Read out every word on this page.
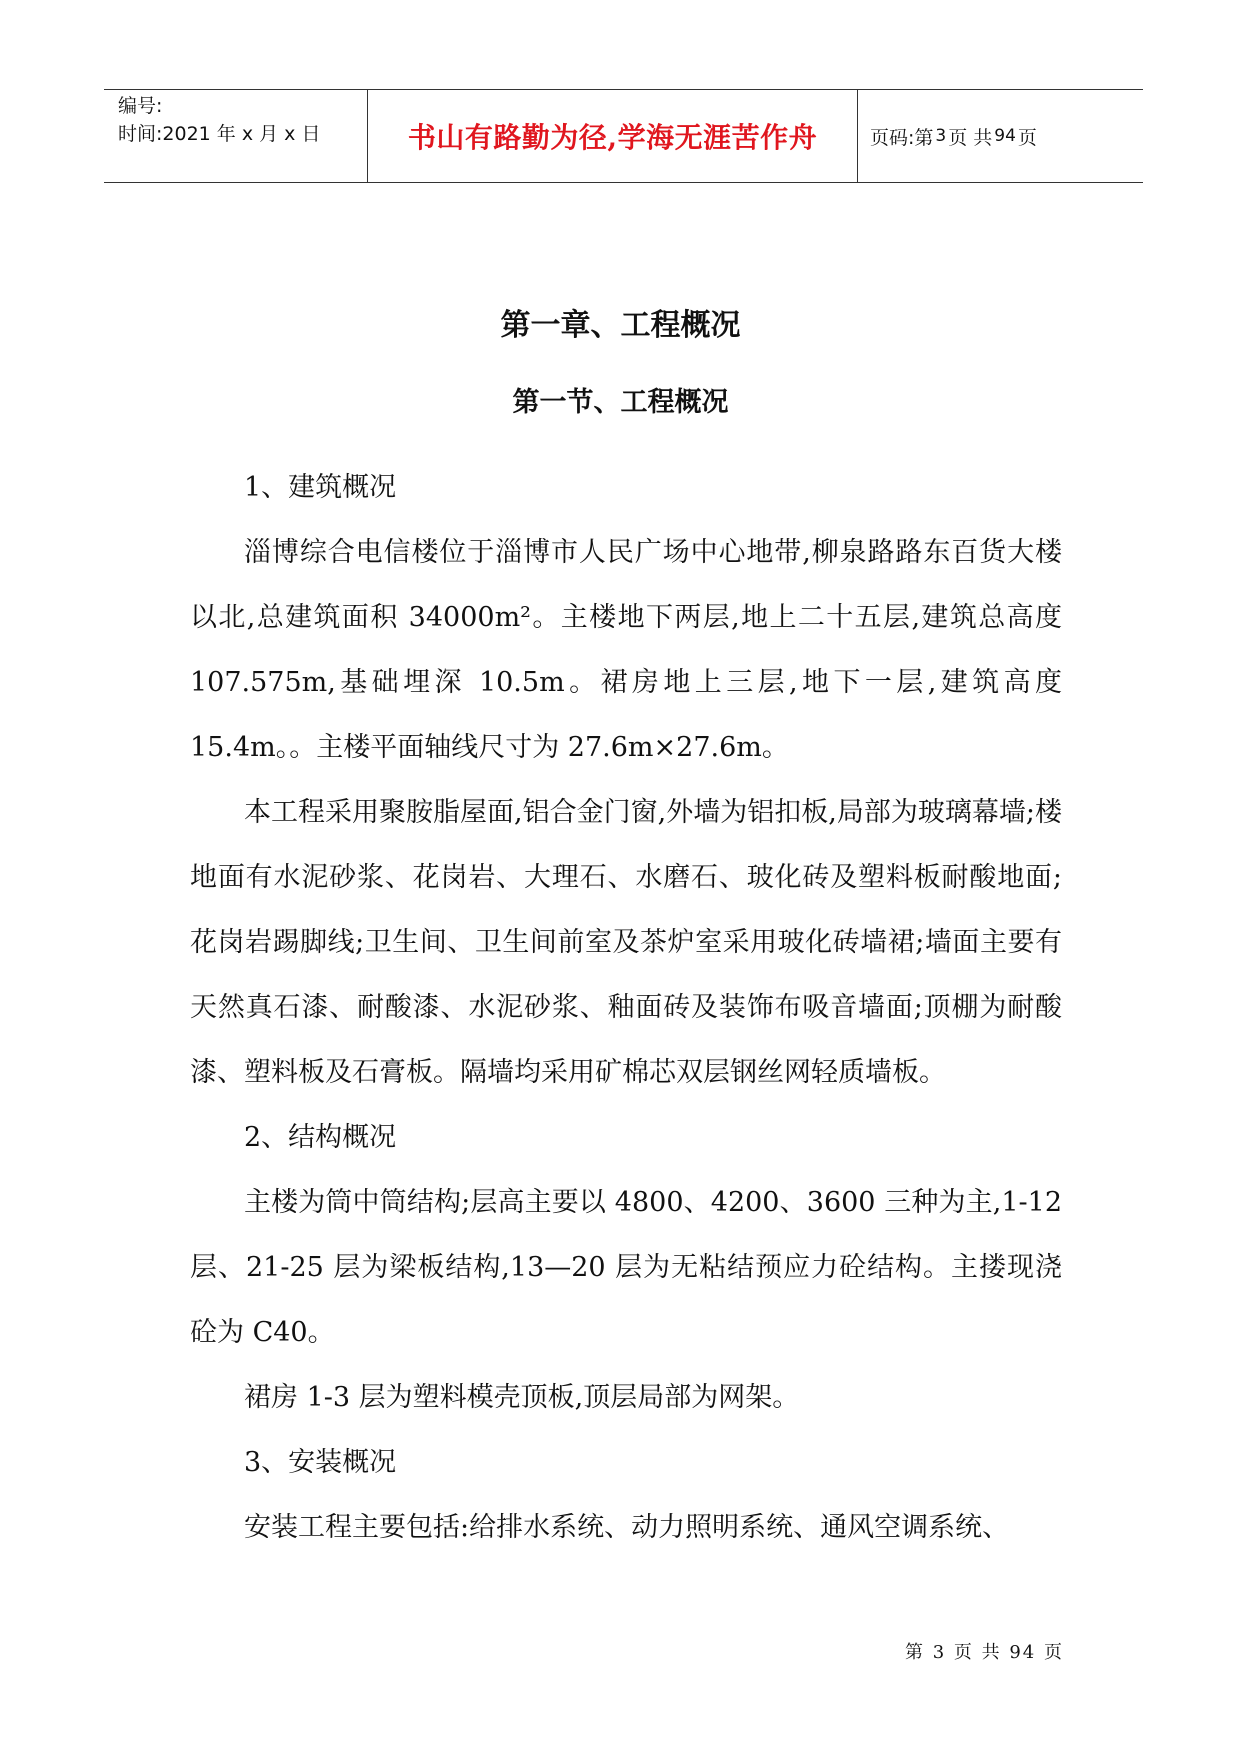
编号:
时间:2021 年 x 月 x 日	书山有路勤为径,学海无涯苦作舟	页码:第 3 页 共 94 页
第一章、工程概况
第一节、工程概况

1、建筑概况

淄博综合电信楼位于淄博市人民广场中心地带,柳泉路路东百货大楼以北,总建筑面积 34000m²。主楼地下两层,地上二十五层,建筑总高度 107.575m,基础埋深 10.5m。裙房地上三层,地下一层,建筑高度 15.4m。。主楼平面轴线尺寸为 27.6m×27.6m。

本工程采用聚胺脂屋面,铝合金门窗,外墙为铝扣板,局部为玻璃幕墙;楼地面有水泥砂浆、花岗岩、大理石、水磨石、玻化砖及塑料板耐酸地面;花岗岩踢脚线;卫生间、卫生间前室及茶炉室采用玻化砖墙裙;墙面主要有天然真石漆、耐酸漆、水泥砂浆、釉面砖及装饰布吸音墙面;顶棚为耐酸漆、塑料板及石膏板。隔墙均采用矿棉芯双层钢丝网轻质墙板。

2、结构概况

主楼为筒中筒结构;层高主要以 4800、4200、3600 三种为主,1-12 层、21-25 层为梁板结构,13—20 层为无粘结预应力砼结构。主搂现浇砼为 C40。

裙房 1-3 层为塑料模壳顶板,顶层局部为网架。

3、安装概况

安装工程主要包括:给排水系统、动力照明系统、通风空调系统、

第 3 页 共 94 页
